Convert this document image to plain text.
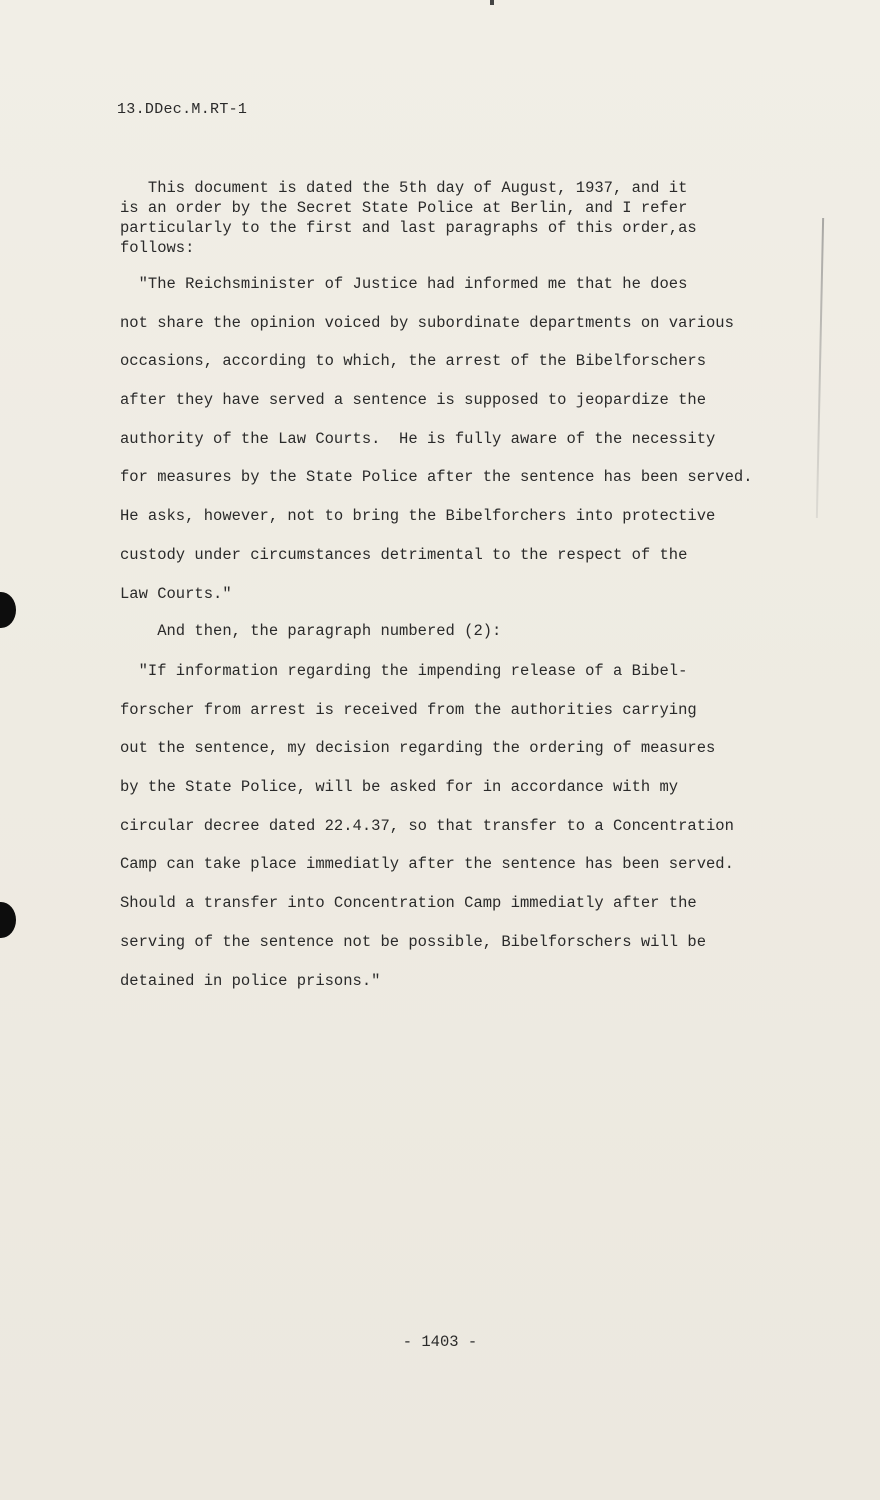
13.DDec.M.RT-1
This document is dated the 5th day of August, 1937, and it
is an order by the Secret State Police at Berlin, and I refer
particularly to the first and last paragraphs of this order,as
follows:
"The Reichsminister of Justice had informed me that he does
not share the opinion voiced by subordinate departments on various
occasions, according to which, the arrest of the Bibelforschers
after they have served a sentence is supposed to jeopardize the
authority of the Law Courts.  He is fully aware of the necessity
for measures by the State Police after the sentence has been served.
He asks, however, not to bring the Bibelforchers into protective
custody under circumstances detrimental to the respect of the
Law Courts."
And then, the paragraph numbered (2):
"If information regarding the impending release of a Bibel-
forscher from arrest is received from the authorities carrying
out the sentence, my decision regarding the ordering of measures
by the State Police, will be asked for in accordance with my
circular decree dated 22.4.37, so that transfer to a Concentration
Camp can take place immediatly after the sentence has been served.
Should a transfer into Concentration Camp immediatly after the
serving of the sentence not be possible, Bibelforschers will be
detained in police prisons."
- 1403 -
